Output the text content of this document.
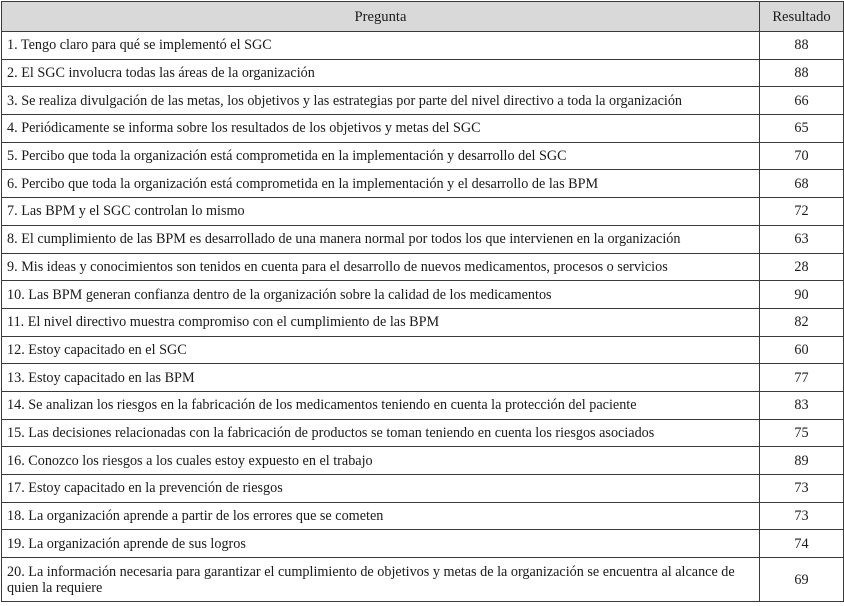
Pregunta	Resultado
1. Tengo claro para qué se implementó el SGC	88
2. El SGC involucra todas las áreas de la organización	88
3. Se realiza divulgación de las metas, los objetivos y las estrategias por parte del nivel directivo a toda la organización	66
4. Periódicamente se informa sobre los resultados de los objetivos y metas del SGC	65
5. Percibo que toda la organización está comprometida en la implementación y desarrollo del SGC	70
6. Percibo que toda la organización está comprometida en la implementación y el desarrollo de las BPM	68
7. Las BPM y el SGC controlan lo mismo	72
8. El cumplimiento de las BPM es desarrollado de una manera normal por todos los que intervienen en la organización	63
9. Mis ideas y conocimientos son tenidos en cuenta para el desarrollo de nuevos medicamentos, procesos o servicios	28
10. Las BPM generan confianza dentro de la organización sobre la calidad de los medicamentos	90
11. El nivel directivo muestra compromiso con el cumplimiento de las BPM	82
12. Estoy capacitado en el SGC	60
13. Estoy capacitado en las BPM	77
14. Se analizan los riesgos en la fabricación de los medicamentos teniendo en cuenta la protección del paciente	83
15. Las decisiones relacionadas con la fabricación de productos se toman teniendo en cuenta los riesgos asociados	75
16. Conozco los riesgos a los cuales estoy expuesto en el trabajo	89
17. Estoy capacitado en la prevención de riesgos	73
18. La organización aprende a partir de los errores que se cometen	73
19. La organización aprende de sus logros	74
20. La información necesaria para garantizar el cumplimiento de objetivos y metas de la organización se encuentra al alcance de quien la requiere	69
